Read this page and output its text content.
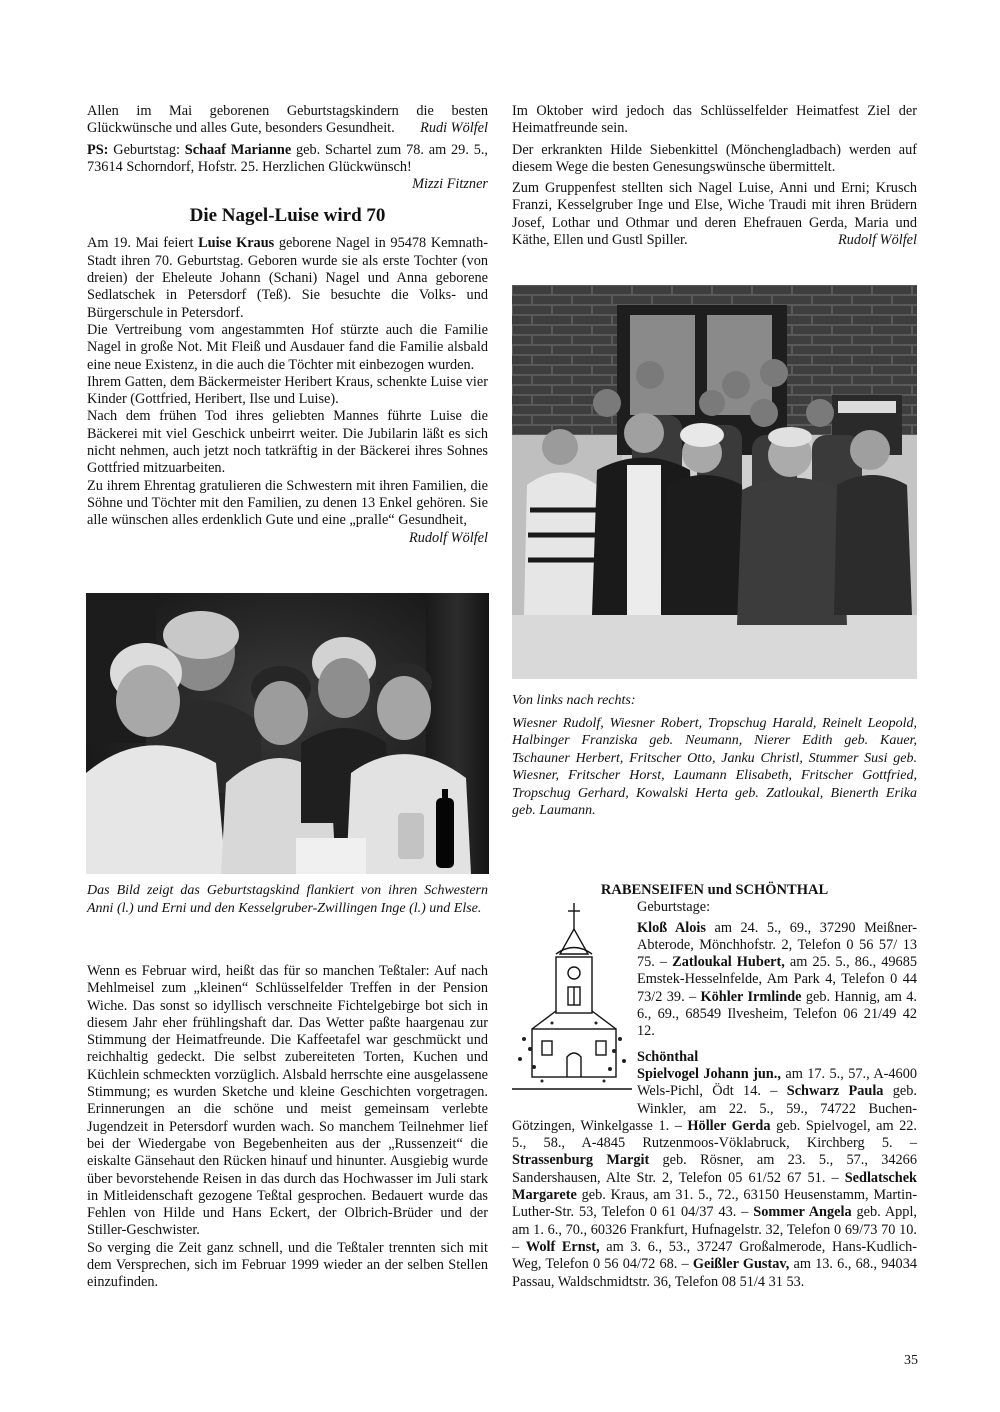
Allen im Mai geborenen Geburtstagskindern die besten Glückwünsche und alles Gute, besonders Gesundheit. Rudi Wölfel

PS: Geburtstag: Schaaf Marianne geb. Schartel zum 78. am 29. 5., 73614 Schorndorf, Hofstr. 25. Herzlichen Glückwünsch!

Mizzi Fitzner

Die Nagel-Luise wird 70

Am 19. Mai feiert Luise Kraus geborene Nagel in 95478 Kemnath-Stadt ihren 70. Geburtstag. Geboren wurde sie als erste Tochter (von dreien) der Eheleute Johann (Schani) Nagel und Anna geborene Sedlatschek in Petersdorf (Teß). Sie besuchte die Volks- und Bürgerschule in Petersdorf.

Die Vertreibung vom angestammten Hof stürzte auch die Familie Nagel in große Not. Mit Fleiß und Ausdauer fand die Familie alsbald eine neue Existenz, in die auch die Töchter mit einbezogen wurden.

Ihrem Gatten, dem Bäckermeister Heribert Kraus, schenkte Luise vier Kinder (Gottfried, Heribert, Ilse und Luise).

Nach dem frühen Tod ihres geliebten Mannes führte Luise die Bäckerei mit viel Geschick unbeirrt weiter. Die Jubilarin läßt es sich nicht nehmen, auch jetzt noch tatkräftig in der Bäckerei ihres Sohnes Gottfried mitzuarbeiten.

Zu ihrem Ehrentag gratulieren die Schwestern mit ihren Familien, die Söhne und Töchter mit den Familien, zu denen 13 Enkel gehören. Sie alle wünschen alles erdenklich Gute und eine „pralle“ Gesundheit,
Rudolf Wölfel

Das Bild zeigt das Geburtstagskind flankiert von ihren Schwestern Anni (l.) und Erni und den Kesselgruber-Zwillingen Inge (l.) und Else.

Wenn es Februar wird, heißt das für so manchen Teßtaler: Auf nach Mehlmeisel zum „kleinen“ Schlüsselfelder Treffen in der Pension Wiche. Das sonst so idyllisch verschneite Fichtelgebirge bot sich in diesem Jahr eher frühlingshaft dar. Das Wetter paßte haargenau zur Stimmung der Heimatfreunde. Die Kaffeetafel war geschmückt und reichhaltig gedeckt. Die selbst zubereiteten Torten, Kuchen und Küchlein schmeckten vorzüglich. Alsbald herrschte eine ausgelassene Stimmung; es wurden Sketche und kleine Geschichten vorgetragen. Erinnerungen an die schöne und meist gemeinsam verlebte Jugendzeit in Petersdorf wurden wach. So manchem Teilnehmer lief bei der Wiedergabe von Begebenheiten aus der „Russenzeit“ die eiskalte Gänsehaut den Rücken hinauf und hinunter. Ausgiebig wurde über bevorstehende Reisen in das durch das Hochwasser im Juli stark in Mitleidenschaft gezogene Teßtal gesprochen. Bedauert wurde das Fehlen von Hilde und Hans Eckert, der Olbrich-Brüder und der Stiller-Geschwister.

So verging die Zeit ganz schnell, und die Teßtaler trennten sich mit dem Versprechen, sich im Februar 1999 wieder an der selben Stellen einzufinden.

Im Oktober wird jedoch das Schlüsselfelder Heimatfest Ziel der Heimatfreunde sein.

Der erkrankten Hilde Siebenkittel (Mönchengladbach) werden auf diesem Wege die besten Genesungswünsche übermittelt.

Zum Gruppenfest stellten sich Nagel Luise, Anni und Erni; Krusch Franzi, Kesselgruber Inge und Else, Wiche Traudi mit ihren Brüdern Josef, Lothar und Othmar und deren Ehefrauen Gerda, Maria und Käthe, Ellen und Gustl Spiller.	Rudolf Wölfel

Von links nach rechts:

Wiesner Rudolf, Wiesner Robert, Tropschug Harald, Reinelt Leopold, Halbinger Franziska geb. Neumann, Nierer Edith geb. Kauer, Tschauner Herbert, Fritscher Otto, Janku Christl, Stummer Susi geb. Wiesner, Fritscher Horst, Laumann Elisabeth, Fritscher Gottfried, Tropschug Gerhard, Kowalski Herta geb. Zatloukal, Bienerth Erika geb. Laumann.

RABENSEIFEN und SCHÖNTHAL

Geburtstage:

Kloß Alois am 24. 5., 69., 37290 Meißner-Abterode, Mönchhofstr. 2, Telefon 0 56 57/ 13 75. – Zatloukal Hubert, am 25. 5., 86., 49685 Emstek-Hesselnfelde, Am Park 4, Telefon 0 44 73/2 39. – Köhler Irmlinde geb. Hannig, am 4. 6., 69., 68549 Ilvesheim, Telefon 06 21/49 42 12.

Schönthal

Spielvogel Johann jun., am 17. 5., 57., A-4600 Wels-Pichl, Ödt 14. – Schwarz Paula geb. Winkler, am 22. 5., 59., 74722 Buchen-Götzingen, Winkelgasse 1. – Höller Gerda geb. Spielvogel, am 22. 5., 58., A-4845 Rutzenmoos-Vöklabruck, Kirchberg 5. – Strassenburg Margit geb. Rösner, am 23. 5., 57., 34266 Sandershausen, Alte Str. 2, Telefon 05 61/52 67 51. – Sedlatschek Margarete geb. Kraus, am 31. 5., 72., 63150 Heusenstamm, Martin-Luther-Str. 53, Telefon 0 61 04/37 43. – Sommer Angela geb. Appl, am 1. 6., 70., 60326 Frankfurt, Hufnagelstr. 32, Telefon 0 69/73 70 10. – Wolf Ernst, am 3. 6., 53., 37247 Großalmerode, Hans-Kudlich-Weg, Telefon 0 56 04/72 68. – Geißler Gustav, am 13. 6., 68., 94034 Passau, Waldschmidtstr. 36, Telefon 08 51/4 31 53.

35
